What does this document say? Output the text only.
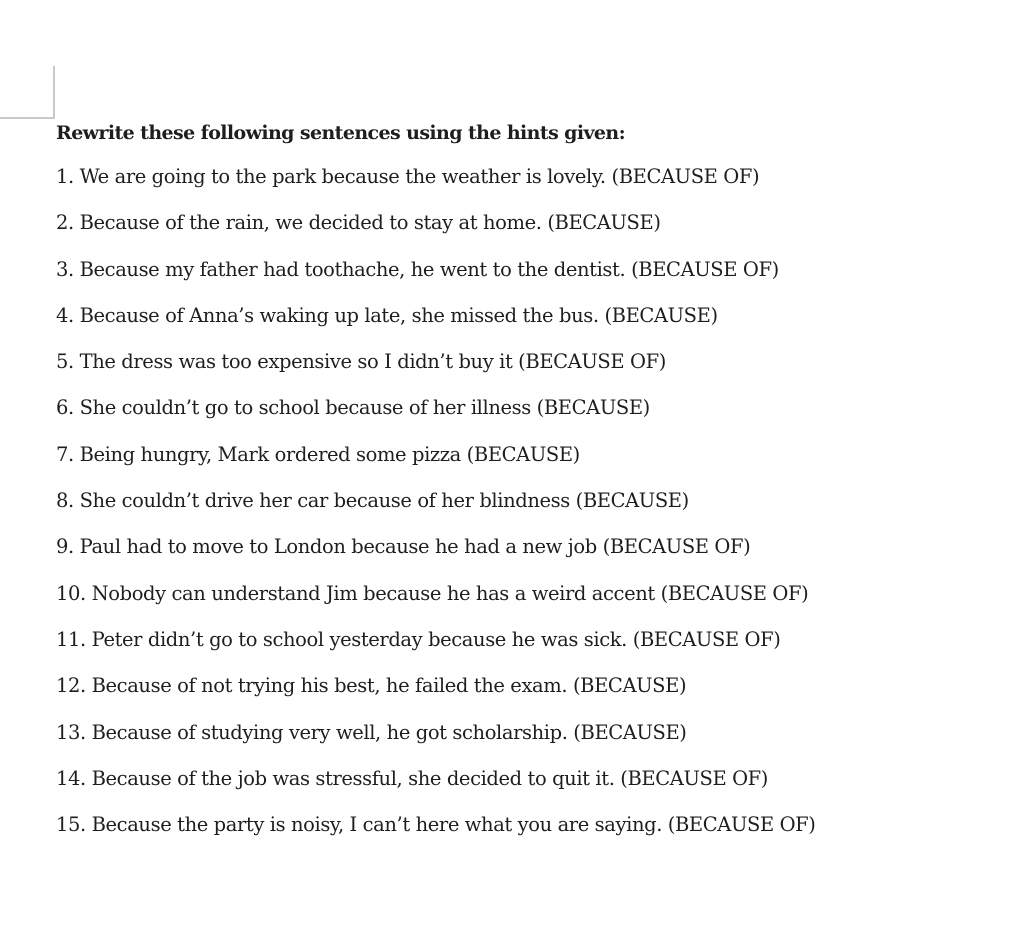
Rewrite these following sentences using the hints given:

1. We are going to the park because the weather is lovely. (BECAUSE OF)
2. Because of the rain, we decided to stay at home. (BECAUSE)
3. Because my father had toothache, he went to the dentist. (BECAUSE OF)
4. Because of Anna’s waking up late, she missed the bus. (BECAUSE)
5. The dress was too expensive so I didn’t buy it (BECAUSE OF)
6. She couldn’t go to school because of her illness (BECAUSE)
7. Being hungry, Mark ordered some pizza (BECAUSE)
8. She couldn’t drive her car because of her blindness (BECAUSE)
9. Paul had to move to London because he had a new job (BECAUSE OF)
10. Nobody can understand Jim because he has a weird accent (BECAUSE OF)
11. Peter didn’t go to school yesterday because he was sick. (BECAUSE OF)
12. Because of not trying his best, he failed the exam. (BECAUSE)
13. Because of studying very well, he got scholarship. (BECAUSE)
14. Because of the job was stressful, she decided to quit it. (BECAUSE OF)
15. Because the party is noisy, I can’t here what you are saying. (BECAUSE OF)
